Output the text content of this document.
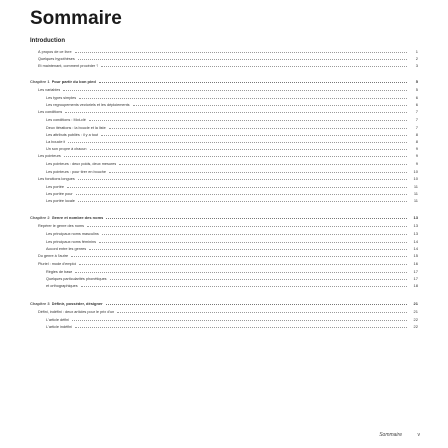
Sommaire
Introduction
À propos de ce livre	1
Quelques hypothèses	2
Et maintenant, comment procéder ?	3
Chapitre 1 Pour partir du bon pied	5
Les variables	5
Les types simples	6
Les regroupements vectoriels et les déploiements	6
Les conditions	7
Les conditions : Mot-clé	7
Deux itérations : la boucle et la liste	7
Les attributs publiés : il y a tout	8
La boucle if	8
Un son propre à chacun	9
Les pointeurs	9
Les pointeurs : deux poids, deux mesures	9
Les pointeurs : pour tirer en bouche	10
Les fonctions longues	10
Les portée	11
Les portée pour	11
Les portée locale	11
Chapitre 2 Genre et nombre des noms	13
Repérer le genre des noms	13
Les principaux noms masculins	13
Les principaux noms féminins	14
Accord entre les genres	14
Du genre à l'autre	15
Pluriel : mode d'emploi	16
Règles de base	17
Quelques particularités phonétiques	17
et orthographiques	18
Chapitre 3 Définir, posséder, désigner	21
Défini, indéfini : deux articles pour le prix d'un	21
L'article défini	22
L'article indéfini	22
Sommaire	v
